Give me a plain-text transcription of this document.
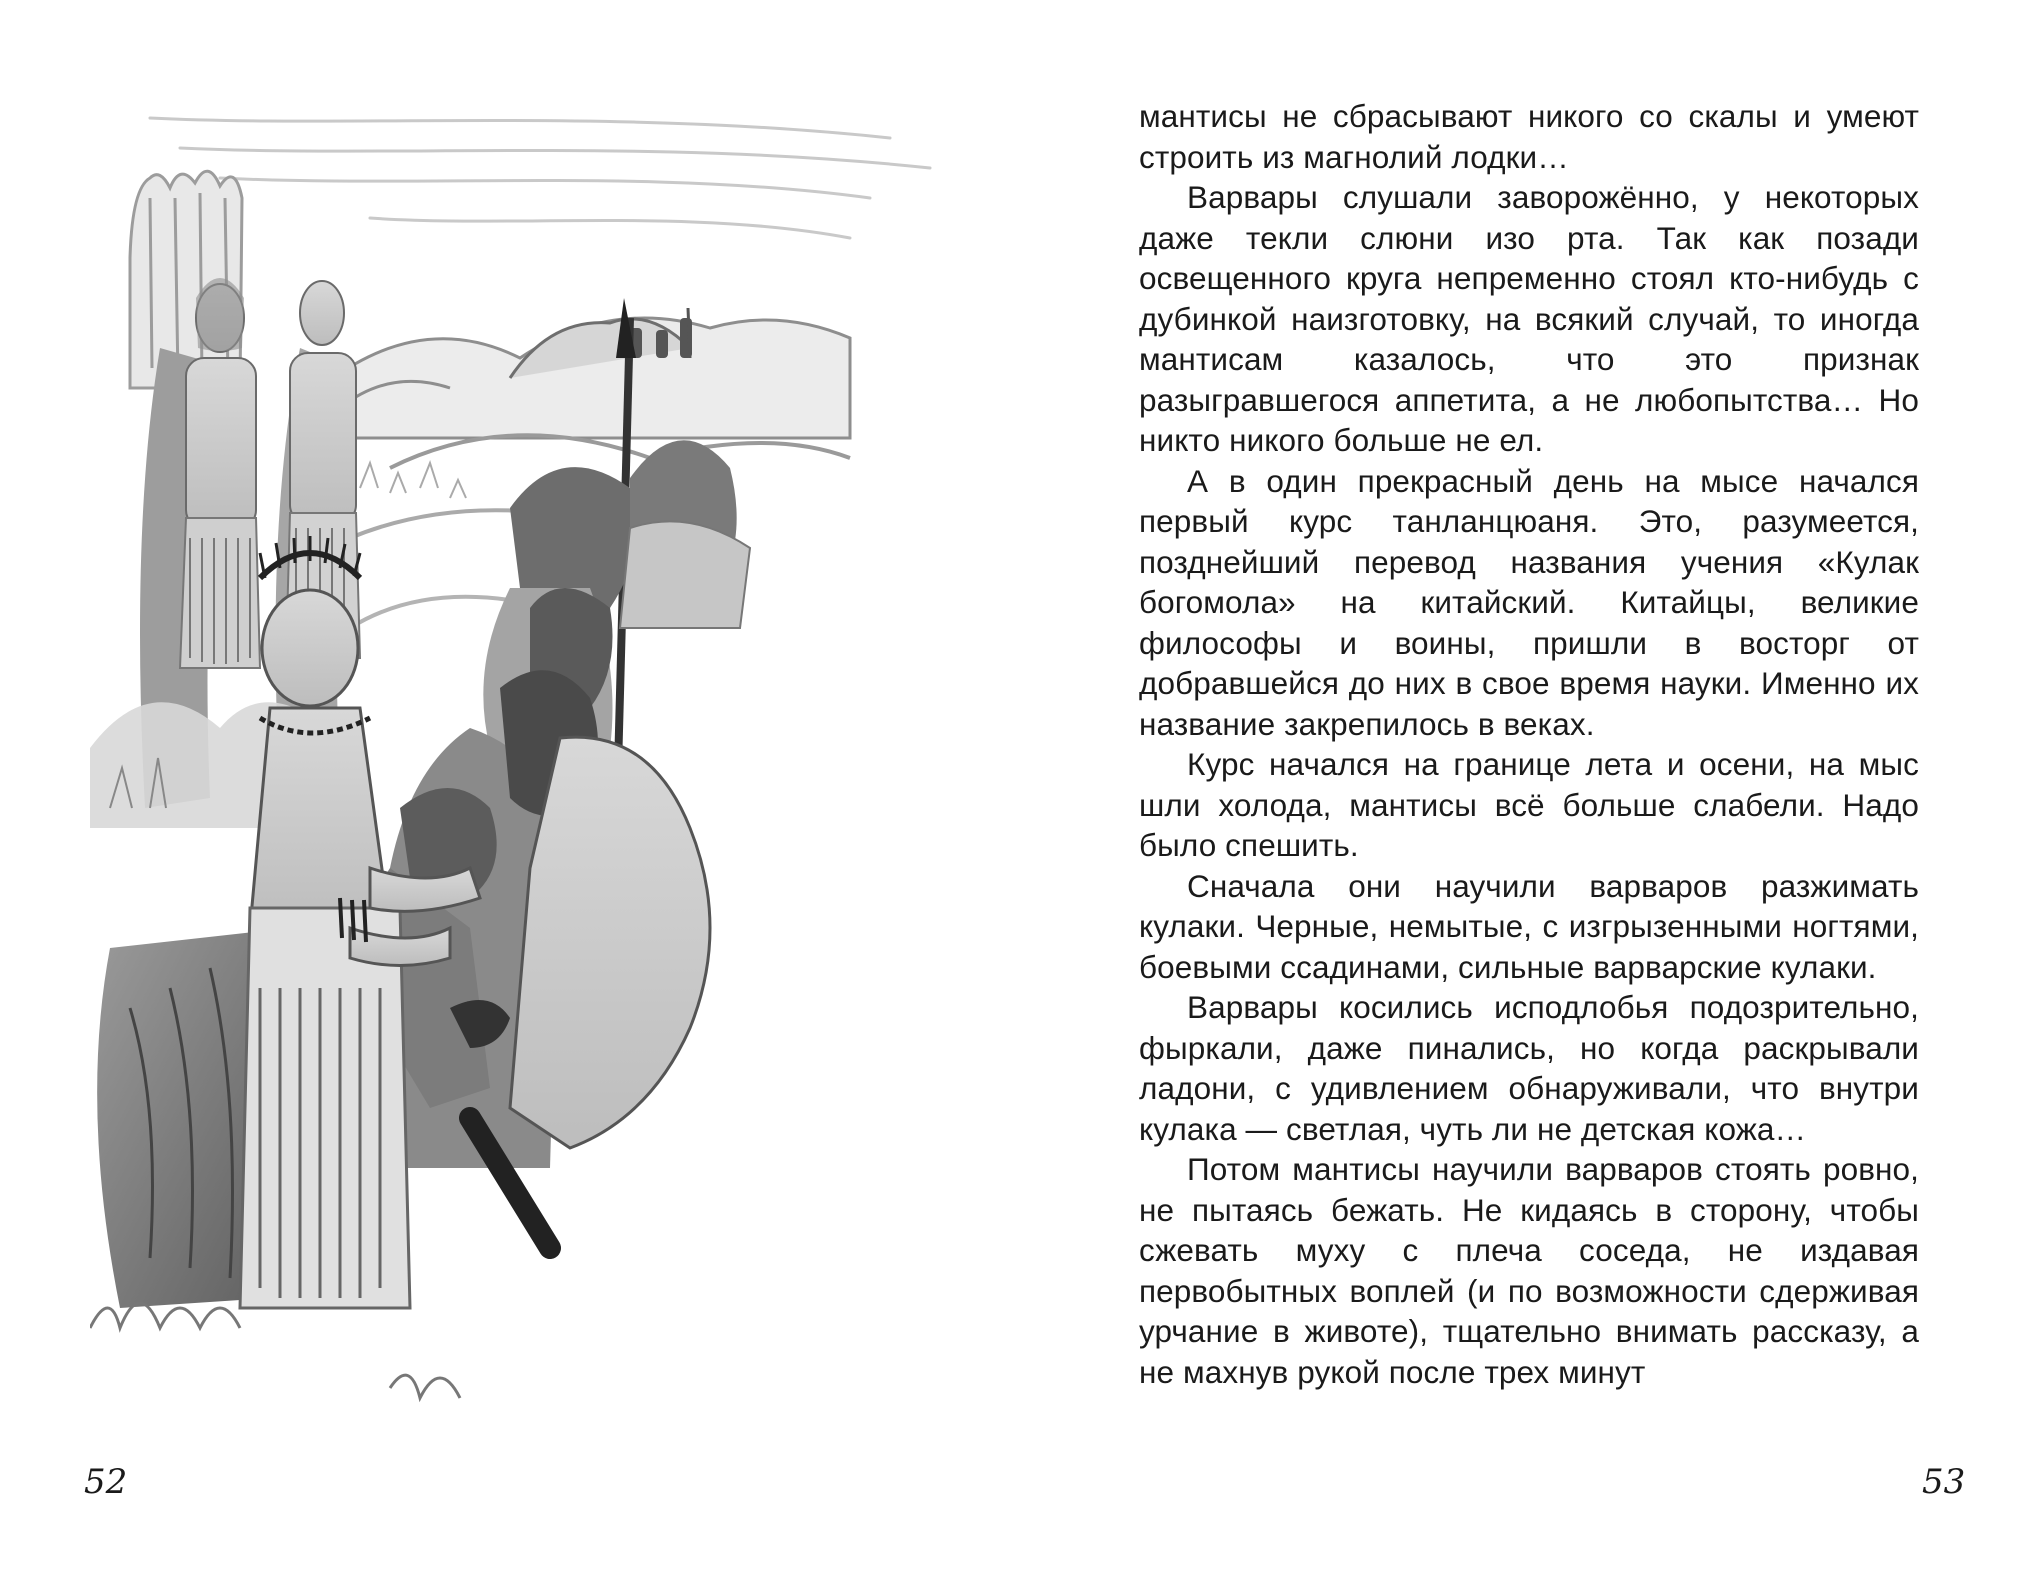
52

мантисы не сбрасывают никого со скалы и умеют строить из магнолий лодки…

Варвары слушали заворожённо, у некоторых даже текли слюни изо рта. Так как позади освещенного круга непременно стоял кто-нибудь с дубинкой наизготовку, на всякий случай, то иногда мантисам казалось, что это признак разыгравшегося аппетита, а не любопытства… Но никто никого больше не ел.

А в один прекрасный день на мысе начался первый курс танланцюаня. Это, разумеется, позднейший перевод названия учения «Кулак богомола» на китайский. Китайцы, великие философы и воины, пришли в восторг от добравшейся до них в свое время науки. Именно их название закрепилось в веках.

Курс начался на границе лета и осени, на мыс шли холода, мантисы всё больше слабели. Надо было спешить.

Сначала они научили варваров разжимать кулаки. Черные, немытые, с изгрызенными ногтями, боевыми ссадинами, сильные варварские кулаки.

Варвары косились исподлобья подозрительно, фыркали, даже пинались, но когда раскрывали ладони, с удивлением обнаруживали, что внутри кулака — светлая, чуть ли не детская кожа…

Потом мантисы научили варваров стоять ровно, не пытаясь бежать. Не кидаясь в сторону, чтобы сжевать муху с плеча соседа, не издавая первобытных воплей (и по возможности сдерживая урчание в животе), тщательно внимать рассказу, а не махнув рукой после трех минут

53
